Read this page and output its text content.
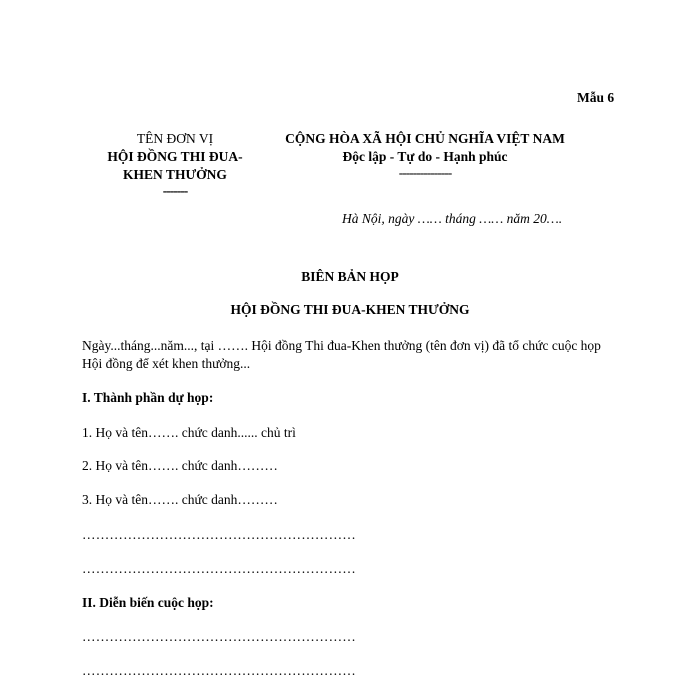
Mẫu 6
TÊN ĐƠN VỊ
HỘI ĐỒNG THI ĐUA-
KHEN THƯỞNG
-------
CỘNG HÒA XÃ HỘI CHỦ NGHĨA VIỆT NAM
Độc lập - Tự do - Hạnh phúc
---------------
Hà Nội, ngày …… tháng …… năm 20….
BIÊN BẢN HỌP
HỘI ĐỒNG THI ĐUA-KHEN THƯỞNG
Ngày...tháng...năm..., tại ……. Hội đồng Thi đua-Khen thưởng (tên đơn vị) đã tổ chức cuộc họp Hội đồng để xét khen thưởng...
I. Thành phần dự họp:
1. Họ và tên……. chức danh...... chủ trì
2. Họ và tên……. chức danh………
3. Họ và tên……. chức danh………
……………………………………………………
……………………………………………………
II. Diễn biến cuộc họp:
……………………………………………………
……………………………………………………
